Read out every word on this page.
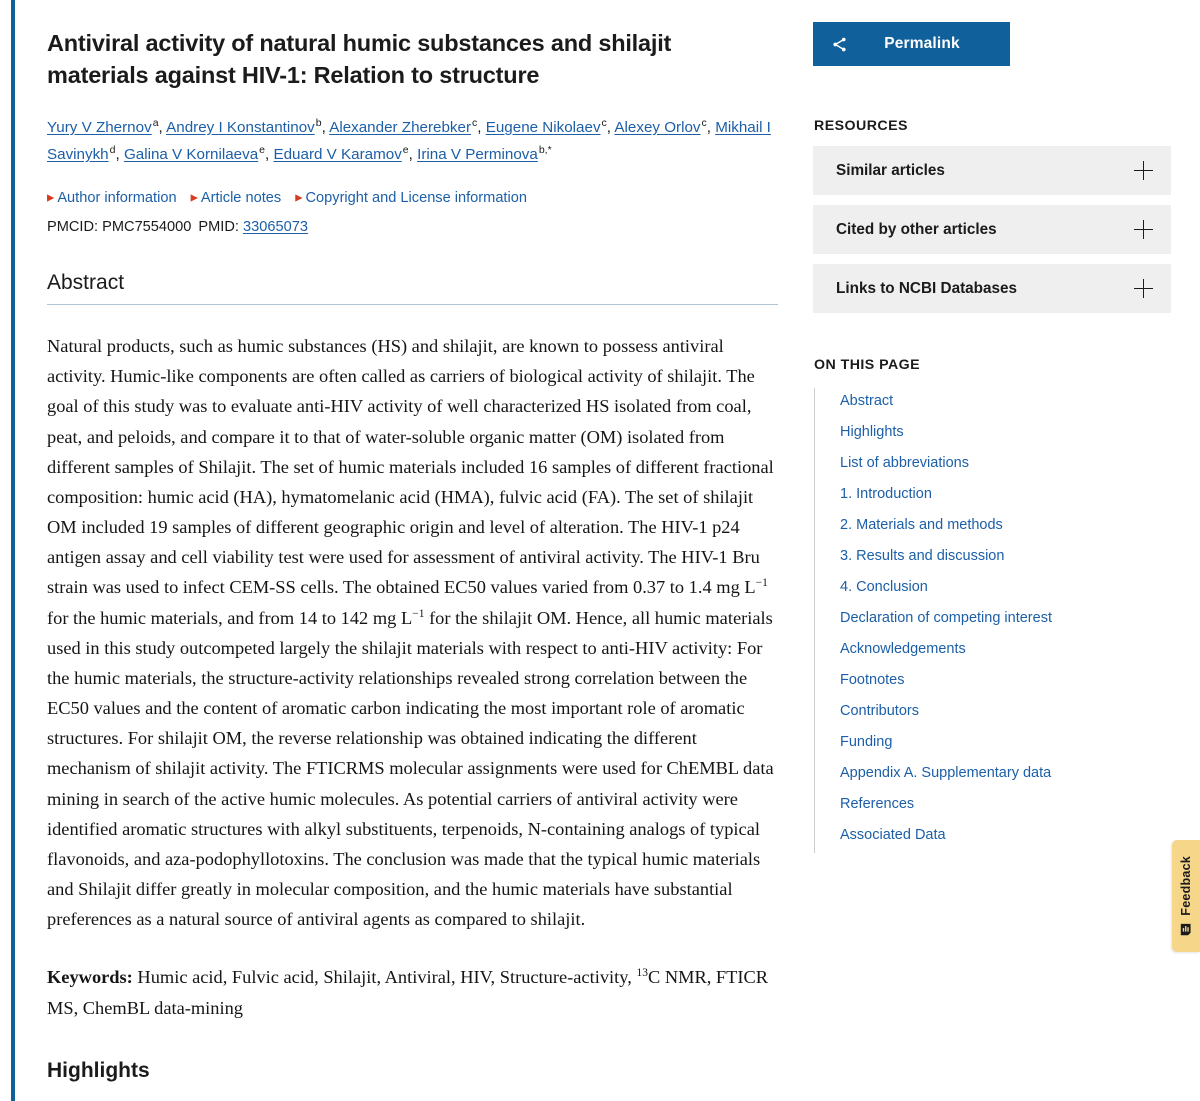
Antiviral activity of natural humic substances and shilajit materials against HIV-1: Relation to structure
Yury V Zhernov$^a$, Andrey I Konstantinov$^b$, Alexander Zherebker$^c$, Eugene Nikolaev$^c$, Alexey Orlov$^c$, Mikhail I Savinykh$^d$, Galina V Kornilaeva$^e$, Eduard V Karamov$^e$, Irina V Perminova$^{b,*}$
▶ Author information ▶ Article notes ▶ Copyright and License information
PMCID: PMC7554000 PMID: 33065073
Abstract
Natural products, such as humic substances (HS) and shilajit, are known to possess antiviral activity. Humic-like components are often called as carriers of biological activity of shilajit. The goal of this study was to evaluate anti-HIV activity of well characterized HS isolated from coal, peat, and peloids, and compare it to that of water-soluble organic matter (OM) isolated from different samples of Shilajit. The set of humic materials included 16 samples of different fractional composition: humic acid (HA), hymatomelanic acid (HMA), fulvic acid (FA). The set of shilajit OM included 19 samples of different geographic origin and level of alteration. The HIV-1 p24 antigen assay and cell viability test were used for assessment of antiviral activity. The HIV-1 Bru strain was used to infect CEM-SS cells. The obtained EC50 values varied from 0.37 to 1.4 mg $L^{-1}$ for the humic materials, and from 14 to 142 mg $L^{-1}$ for the shilajit OM. Hence, all humic materials used in this study outcompeted largely the shilajit materials with respect to anti-HIV activity: For the humic materials, the structure-activity relationships revealed strong correlation between the EC50 values and the content of aromatic carbon indicating the most important role of aromatic structures. For shilajit OM, the reverse relationship was obtained indicating the different mechanism of shilajit activity. The FTICRMS molecular assignments were used for ChEMBL data mining in search of the active humic molecules. As potential carriers of antiviral activity were identified aromatic structures with alkyl substituents, terpenoids, N-containing analogs of typical flavonoids, and aza-podophyllotoxins. The conclusion was made that the typical humic materials and Shilajit differ greatly in molecular composition, and the humic materials have substantial preferences as a natural source of antiviral agents as compared to shilajit.
Keywords: Humic acid, Fulvic acid, Shilajit, Antiviral, HIV, Structure-activity, $^{13}$C NMR, FTICR MS, ChemBL data-mining
Highlights
Permalink
RESOURCES
Similar articles
Cited by other articles
Links to NCBI Databases
ON THIS PAGE
Abstract
Highlights
List of abbreviations
1. Introduction
2. Materials and methods
3. Results and discussion
4. Conclusion
Declaration of competing interest
Acknowledgements
Footnotes
Contributors
Funding
Appendix A. Supplementary data
References
Associated Data
Feedback
